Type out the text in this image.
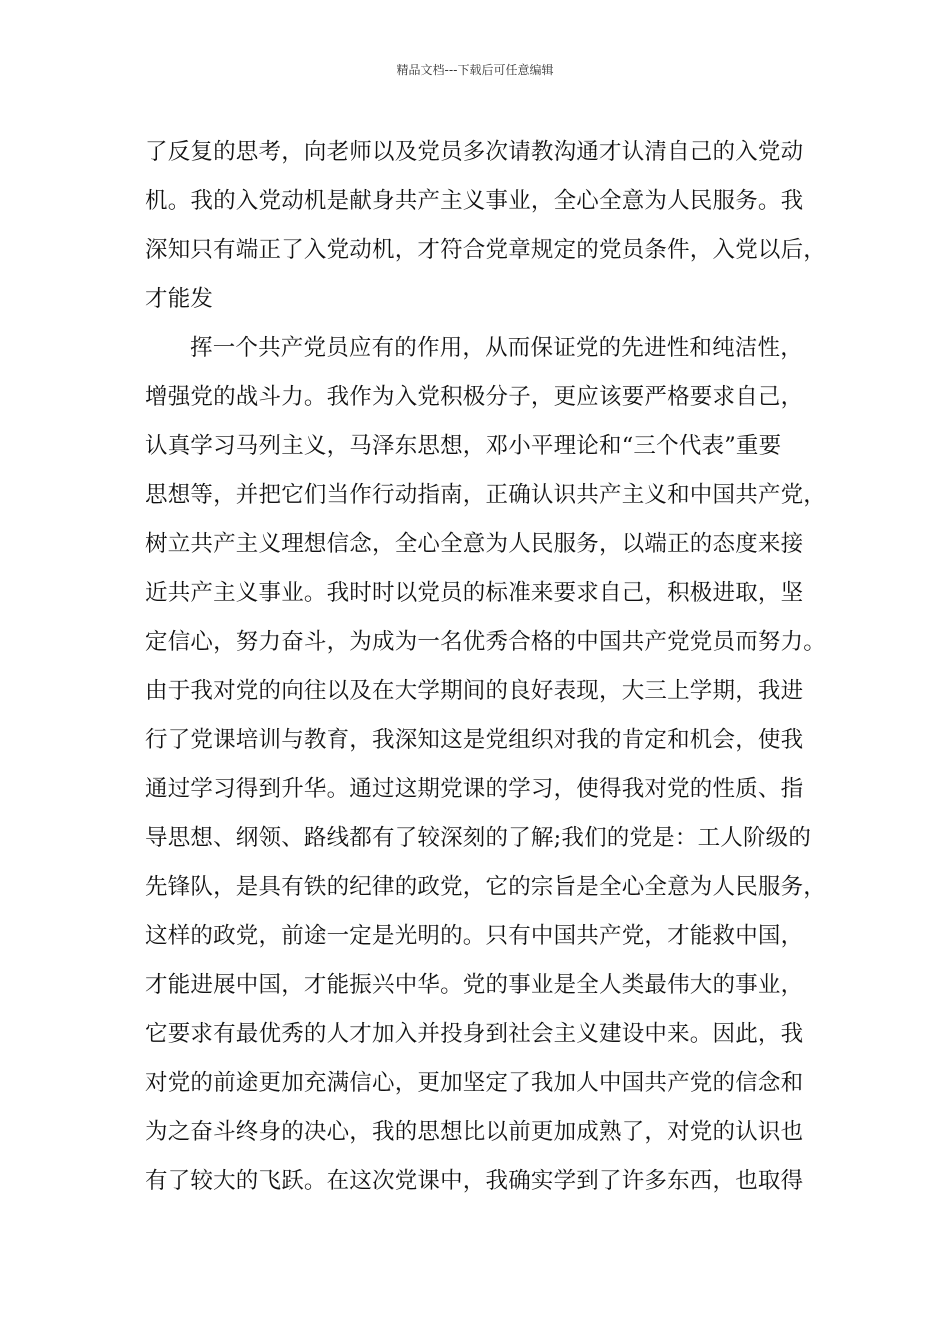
精品文档---下载后可任意编辑
了反复的思考，向老师以及党员多次请教沟通才认清自己的入党动
机。我的入党动机是献身共产主义事业，全心全意为人民服务。我
深知只有端正了入党动机，才符合党章规定的党员条件，入党以后，
才能发
挥一个共产党员应有的作用，从而保证党的先进性和纯洁性，
增强党的战斗力。我作为入党积极分子，更应该要严格要求自己，
认真学习马列主义，马泽东思想，邓小平理论和“三个代表”重要
思想等，并把它们当作行动指南，正确认识共产主义和中国共产党，
树立共产主义理想信念，全心全意为人民服务，以端正的态度来接
近共产主义事业。我时时以党员的标准来要求自己，积极进取，坚
定信心，努力奋斗，为成为一名优秀合格的中国共产党党员而努力。
由于我对党的向往以及在大学期间的良好表现，大三上学期，我进
行了党课培训与教育，我深知这是党组织对我的肯定和机会，使我
通过学习得到升华。通过这期党课的学习，使得我对党的性质、指
导思想、纲领、路线都有了较深刻的了解;我们的党是：工人阶级的
先锋队，是具有铁的纪律的政党，它的宗旨是全心全意为人民服务，
这样的政党，前途一定是光明的。只有中国共产党，才能救中国，
才能进展中国，才能振兴中华。党的事业是全人类最伟大的事业，
它要求有最优秀的人才加入并投身到社会主义建设中来。因此，我
对党的前途更加充满信心，更加坚定了我加人中国共产党的信念和
为之奋斗终身的决心，我的思想比以前更加成熟了，对党的认识也
有了较大的飞跃。在这次党课中，我确实学到了许多东西，也取得
